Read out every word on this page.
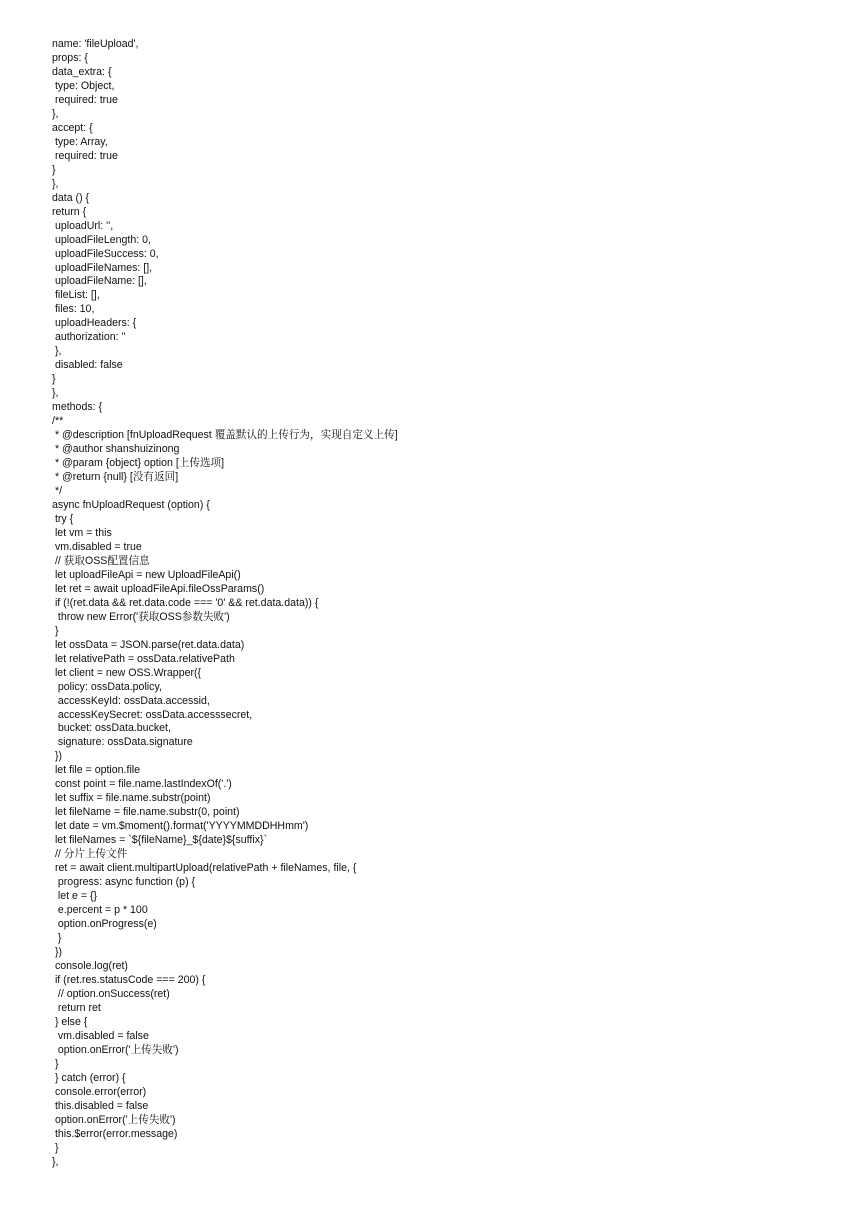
name: 'fileUpload',
props: {
data_extra: {
type: Object,
required: true
},
accept: {
type: Array,
required: true
}
},
data () {
return {
uploadUrl: '',
uploadFileLength: 0,
uploadFileSuccess: 0,
uploadFileNames: [],
uploadFileName: [],
fileList: [],
files: 10,
uploadHeaders: {
authorization: ''
},
disabled: false
}
},
methods: {
/**
* @description [fnUploadRequest 覆盖默认的上传行为，实现自定义上传]
* @author shanshuizinong
* @param {object} option [上传选项]
* @return {null} [没有返回]
*/
async fnUploadRequest (option) {
try {
let vm = this
vm.disabled = true
// 获取OSS配置信息
let uploadFileApi = new UploadFileApi()
let ret = await uploadFileApi.fileOssParams()
if (!(ret.data && ret.data.code === '0' && ret.data.data)) {
throw new Error('获取OSS参数失败')
}
let ossData = JSON.parse(ret.data.data)
let relativePath = ossData.relativePath
let client = new OSS.Wrapper({
policy: ossData.policy,
accessKeyId: ossData.accessid,
accessKeySecret: ossData.accesssecret,
bucket: ossData.bucket,
signature: ossData.signature
})
let file = option.file
const point = file.name.lastIndexOf('.')
let suffix = file.name.substr(point)
let fileName = file.name.substr(0, point)
let date = vm.$moment().format('YYYYMMDDHHmm')
let fileNames = `${fileName}_${date}${suffix}`
// 分片上传文件
ret = await client.multipartUpload(relativePath + fileNames, file, {
progress: async function (p) {
let e = {}
e.percent = p * 100
option.onProgress(e)
}
})
console.log(ret)
if (ret.res.statusCode === 200) {
// option.onSuccess(ret)
return ret
} else {
vm.disabled = false
option.onError('上传失败')
}
} catch (error) {
console.error(error)
this.disabled = false
option.onError('上传失败')
this.$error(error.message)
}
},
